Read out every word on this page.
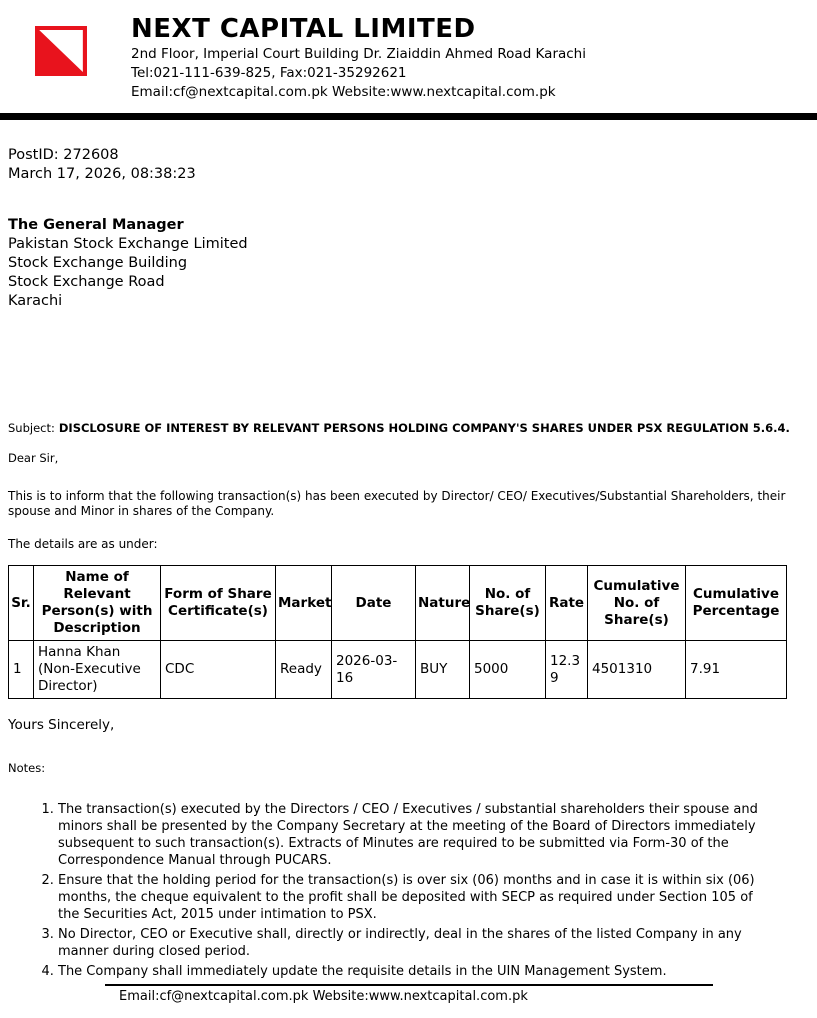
NEXT CAPITAL LIMITED
2nd Floor, Imperial Court Building Dr. Ziaiddin Ahmed Road Karachi
Tel:021-111-639-825, Fax:021-35292621
Email:cf@nextcapital.com.pk Website:www.nextcapital.com.pk
PostID: 272608
March 17, 2026, 08:38:23
The General Manager
Pakistan Stock Exchange Limited
Stock Exchange Building
Stock Exchange Road
Karachi
Subject: DISCLOSURE OF INTEREST BY RELEVANT PERSONS HOLDING COMPANY'S SHARES UNDER PSX REGULATION 5.6.4.
Dear Sir,

This is to inform that the following transaction(s) has been executed by Director/ CEO/ Executives/Substantial Shareholders, their spouse and Minor in shares of the Company.

The details are as under:
Sr.	Name of Relevant Person(s) with Description	Form of Share Certificate(s)	Market	Date	Nature	No. of Share(s)	Rate	Cumulative No. of Share(s)	Cumulative Percentage
1	Hanna Khan (Non-Executive Director)	CDC	Ready	2026-03-16	BUY	5000	12.39	4501310	7.91
Yours Sincerely,
Notes:
1. The transaction(s) executed by the Directors / CEO / Executives / substantial shareholders their spouse and minors shall be presented by the Company Secretary at the meeting of the Board of Directors immediately subsequent to such transaction(s). Extracts of Minutes are required to be submitted via Form-30 of the Correspondence Manual through PUCARS.
2. Ensure that the holding period for the transaction(s) is over six (06) months and in case it is within six (06) months, the cheque equivalent to the profit shall be deposited with SECP as required under Section 105 of the Securities Act, 2015 under intimation to PSX.
3. No Director, CEO or Executive shall, directly or indirectly, deal in the shares of the listed Company in any manner during closed period.
4. The Company shall immediately update the requisite details in the UIN Management System.
Email:cf@nextcapital.com.pk Website:www.nextcapital.com.pk
